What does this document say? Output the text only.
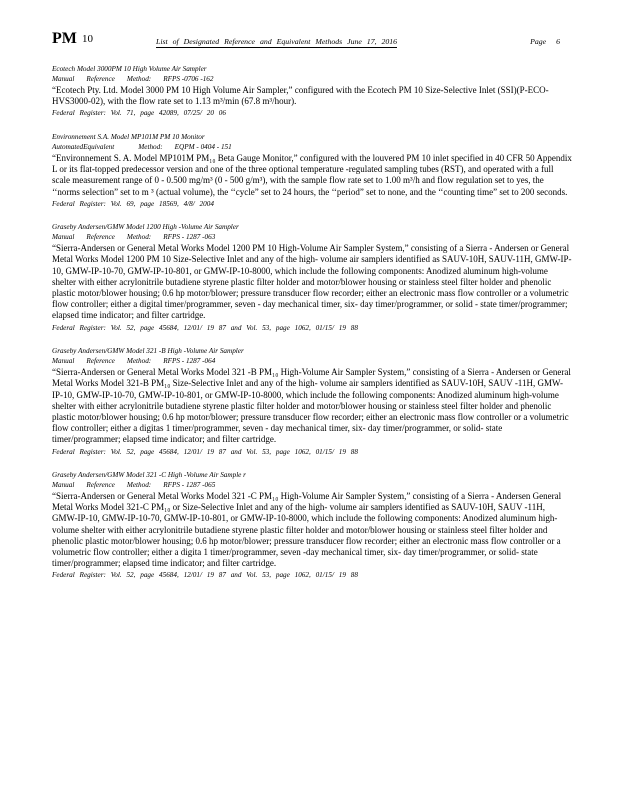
PM 10	List of Designated Reference and Equivalent Methods June 17, 2016	Page 6
Ecotech Model 3000PM 10 High Volume Air Sampler
Manual Reference Method: RFPS -0706 -162
“Ecotech Pty. Ltd. Model 3000 PM 10 High Volume Air Sampler,” configured with the Ecotech PM 10 Size-Selective Inlet (SSI)(P-ECO-HVS3000-02), with the flow rate set to 1.13 m³/min (67.8 m³/hour).
Federal Register: Vol. 71, page 42089, 07/25/ 20 06
Environnement S.A. Model MP101M PM 10 Monitor
AutomatedEquivalent	Method: EQPM - 0404 - 151
“Environnement S. A. Model MP101M PM₁₀ Beta Gauge Monitor,” configured with the louvered PM 10 inlet specified in 40 CFR 50 Appendix L or its flat-topped predecessor version and one of the three optional temperature -regulated sampling tubes (RST), and operated with a full scale measurement range of 0 - 0.500 mg/m³ (0 - 500 g/m³), with the sample flow rate set to 1.00 m³/h and flow regulation set to yes, the ‘‘norms selection” set to m ³ (actual volume), the ‘‘cycle” set to 24 hours, the ‘‘period” set to none, and the ‘‘counting time” set to 200 seconds.
Federal Register: Vol. 69, page 18569, 4/8/ 2004
Graseby Andersen/GMW Model 1200 High -Volume Air Sampler
Manual Reference Method: RFPS - 1287 -063
“Sierra-Andersen or General Metal Works Model 1200 PM 10 High-Volume Air Sampler System,” consisting of a Sierra - Andersen or General Metal Works Model 1200 PM 10 Size-Selective Inlet and any of the high- volume air samplers identified as SAUV-10H, SAUV-11H, GMW-IP-10, GMW-IP-10-70, GMW-IP-10-801, or GMW-IP-10-8000, which include the following components: Anodized aluminum high-volume shelter with either acrylonitrile butadiene styrene plastic filter holder and motor/blower housing or stainless steel filter holder and phenolic plastic motor/blower housing; 0.6 hp motor/blower; pressure transducer flow recorder; either an electronic mass flow controller or a volumetric flow controller; either a digital timer/programmer, seven - day mechanical timer, six- day timer/programmer, or solid - state timer/programmer; elapsed time indicator; and filter cartridge.
Federal Register: Vol. 52, page 45684, 12/01/ 19 87 and Vol. 53, page 1062, 01/15/ 19 88
Graseby Andersen/GMW Model 321 -B High -Volume Air Sampler
Manual Reference Method: RFPS - 1287 -064
“Sierra-Andersen or General Metal Works Model 321 -B PM₁₀ High-Volume Air Sampler System,” consisting of a Sierra - Andersen or General Metal Works Model 321-B PM₁₀ Size-Selective Inlet and any of the high- volume air samplers identified as SAUV-10H, SAUV -11H, GMW-IP-10, GMW-IP-10-70, GMW-IP-10-801, or GMW-IP-10-8000, which include the following components: Anodized aluminum high-volume shelter with either acrylonitrile butadiene styrene plastic filter holder and motor/blower housing or stainless steel filter holder and phenolic plastic motor/blower housing; 0.6 hp motor/blower; pressure transducer flow recorder; either an electronic mass flow controller or a volumetric flow controller; either a digitas 1 timer/programmer, seven - day mechanical timer, six- day timer/programmer, or solid- state timer/programmer; elapsed time indicator; and filter cartridge.
Federal Register: Vol. 52, page 45684, 12/01/ 19 87 and Vol. 53, page 1062, 01/15/ 19 88
Graseby Andersen/GMW Model 321 -C High -Volume Air Sample r
Manual Reference Method: RFPS - 1287 -065
“Sierra-Andersen or General Metal Works Model 321 -C PM₁₀ High-Volume Air Sampler System,” consisting of a Sierra - Andersen General Metal Works Model 321-C PM₁₀ or Size-Selective Inlet and any of the high- volume air samplers identified as SAUV-10H, SAUV -11H, GMW-IP-10, GMW-IP-10-70, GMW-IP-10-801, or GMW-IP-10-8000, which include the following components: Anodized aluminum high-volume shelter with either acrylonitrile butadiene styrene plastic filter holder and motor/blower housing or stainless steel filter holder and phenolic plastic motor/blower housing; 0.6 hp motor/blower; pressure transducer flow recorder; either an electronic mass flow controller or a volumetric flow controller; either a digita 1 timer/programmer, seven -day mechanical timer, six- day timer/programmer, or solid- state timer/programmer; elapsed time indicator; and filter cartridge.
Federal Register: Vol. 52, page 45684, 12/01/ 19 87 and Vol. 53, page 1062, 01/15/ 19 88
